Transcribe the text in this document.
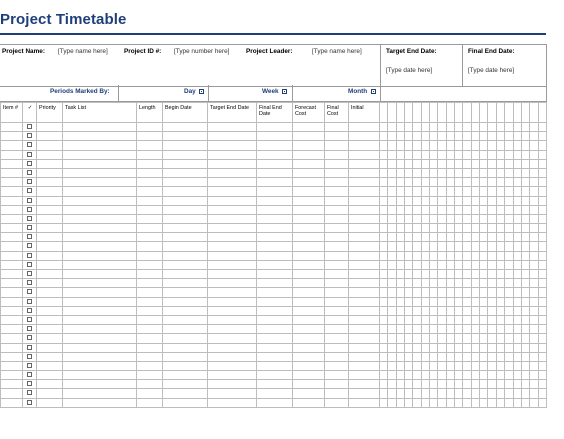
Project Timetable
Project Name: [Type name here]	Project ID #: [Type number here]	Project Leader:	[Type name here]	Target End Date:
[Type date here]
Final End Date:
[Type date here]
Periods Marked By:	Day	Week	Month
Item #	✓	Priority	Task List	Length	Begin Date	Target End Date	Final End Date	Forecast Cost	Final Cost	Initial																				
